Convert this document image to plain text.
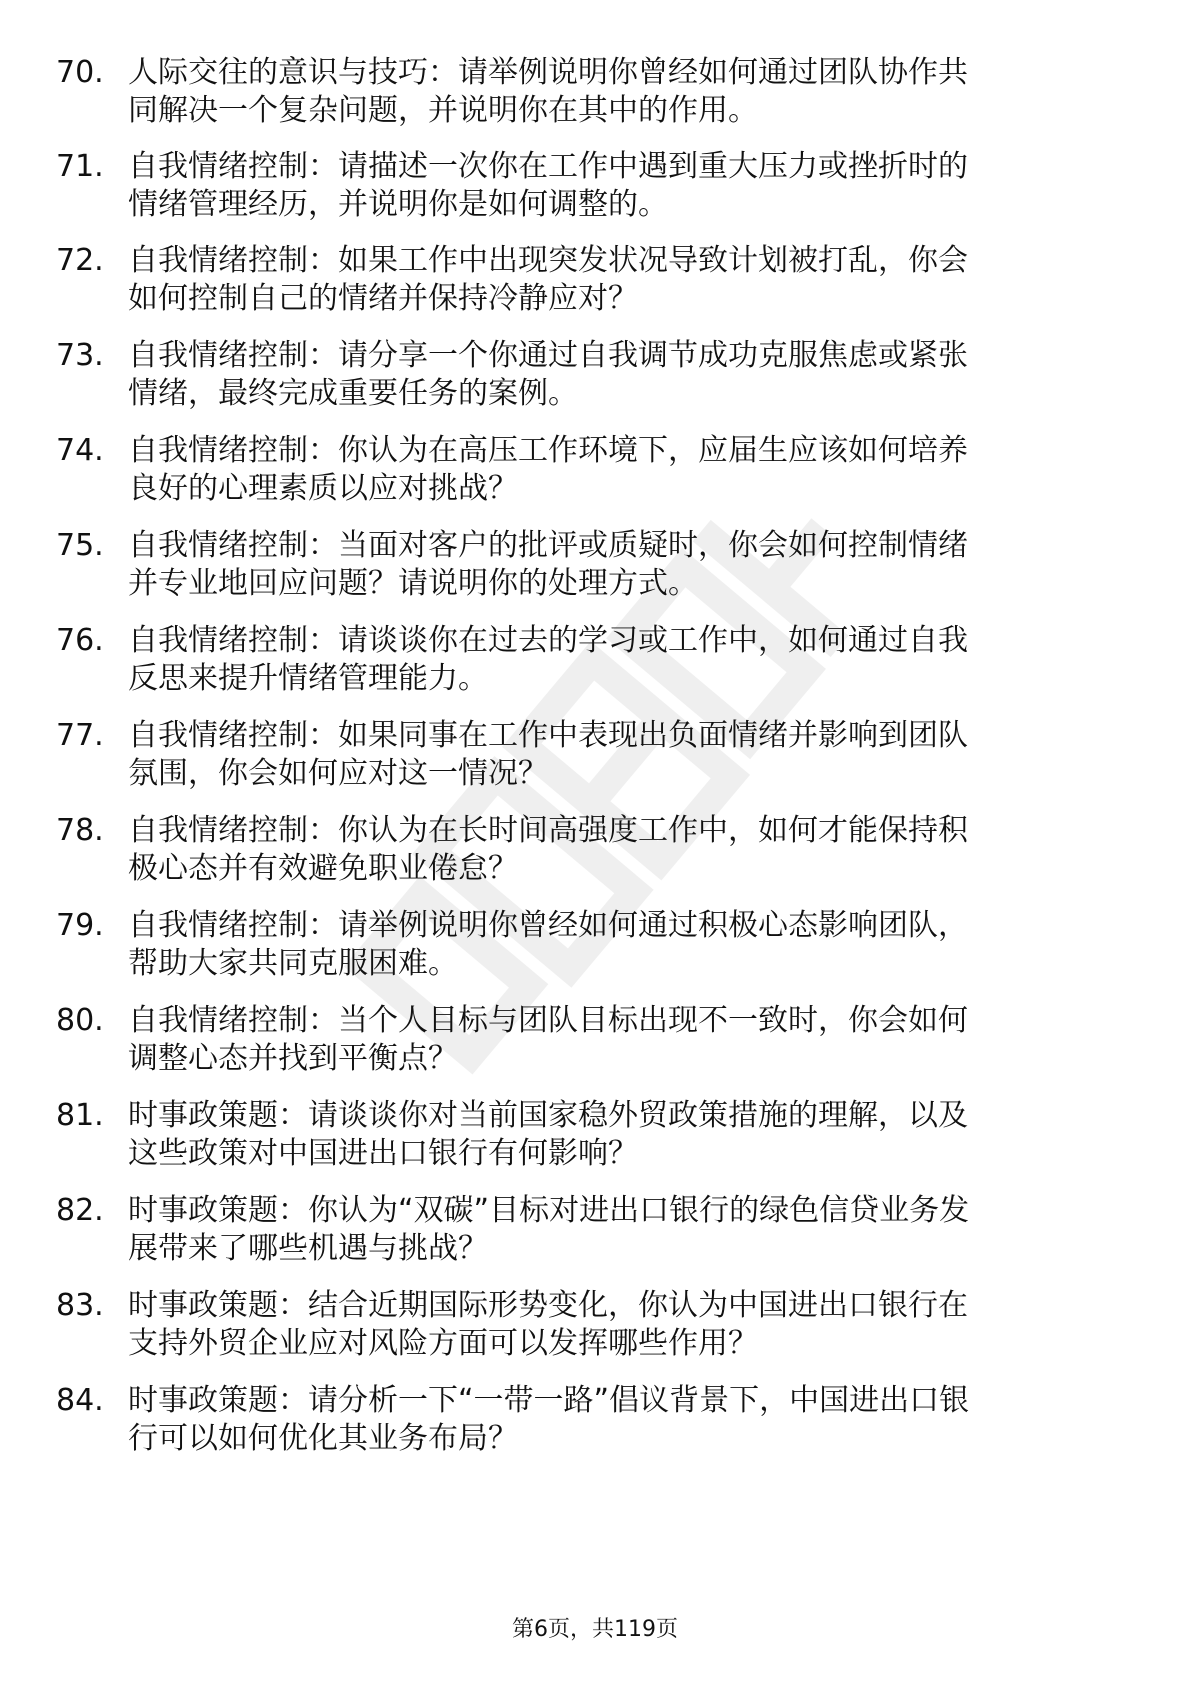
70. 人际交往的意识与技巧：请举例说明你曾经如何通过团队协作共
同解决一个复杂问题，并说明你在其中的作用。
71. 自我情绪控制：请描述一次你在工作中遇到重大压力或挫折时的
情绪管理经历，并说明你是如何调整的。
72. 自我情绪控制：如果工作中出现突发状况导致计划被打乱，你会
如何控制自己的情绪并保持冷静应对？
73. 自我情绪控制：请分享一个你通过自我调节成功克服焦虑或紧张
情绪，最终完成重要任务的案例。
74. 自我情绪控制：你认为在高压工作环境下，应届生应该如何培养
良好的心理素质以应对挑战？
75. 自我情绪控制：当面对客户的批评或质疑时，你会如何控制情绪
并专业地回应问题？请说明你的处理方式。
76. 自我情绪控制：请谈谈你在过去的学习或工作中，如何通过自我
反思来提升情绪管理能力。
77. 自我情绪控制：如果同事在工作中表现出负面情绪并影响到团队
氛围，你会如何应对这一情况？
78. 自我情绪控制：你认为在长时间高强度工作中，如何才能保持积
极心态并有效避免职业倦怠？
79. 自我情绪控制：请举例说明你曾经如何通过积极心态影响团队，
帮助大家共同克服困难。
80. 自我情绪控制：当个人目标与团队目标出现不一致时，你会如何
调整心态并找到平衡点？
81. 时事政策题：请谈谈你对当前国家稳外贸政策措施的理解，以及
这些政策对中国进出口银行有何影响？
82. 时事政策题：你认为“双碳”目标对进出口银行的绿色信贷业务发
展带来了哪些机遇与挑战？
83. 时事政策题：结合近期国际形势变化，你认为中国进出口银行在
支持外贸企业应对风险方面可以发挥哪些作用？
84. 时事政策题：请分析一下“一带一路”倡议背景下，中国进出口银
行可以如何优化其业务布局？
第6页，共119页
